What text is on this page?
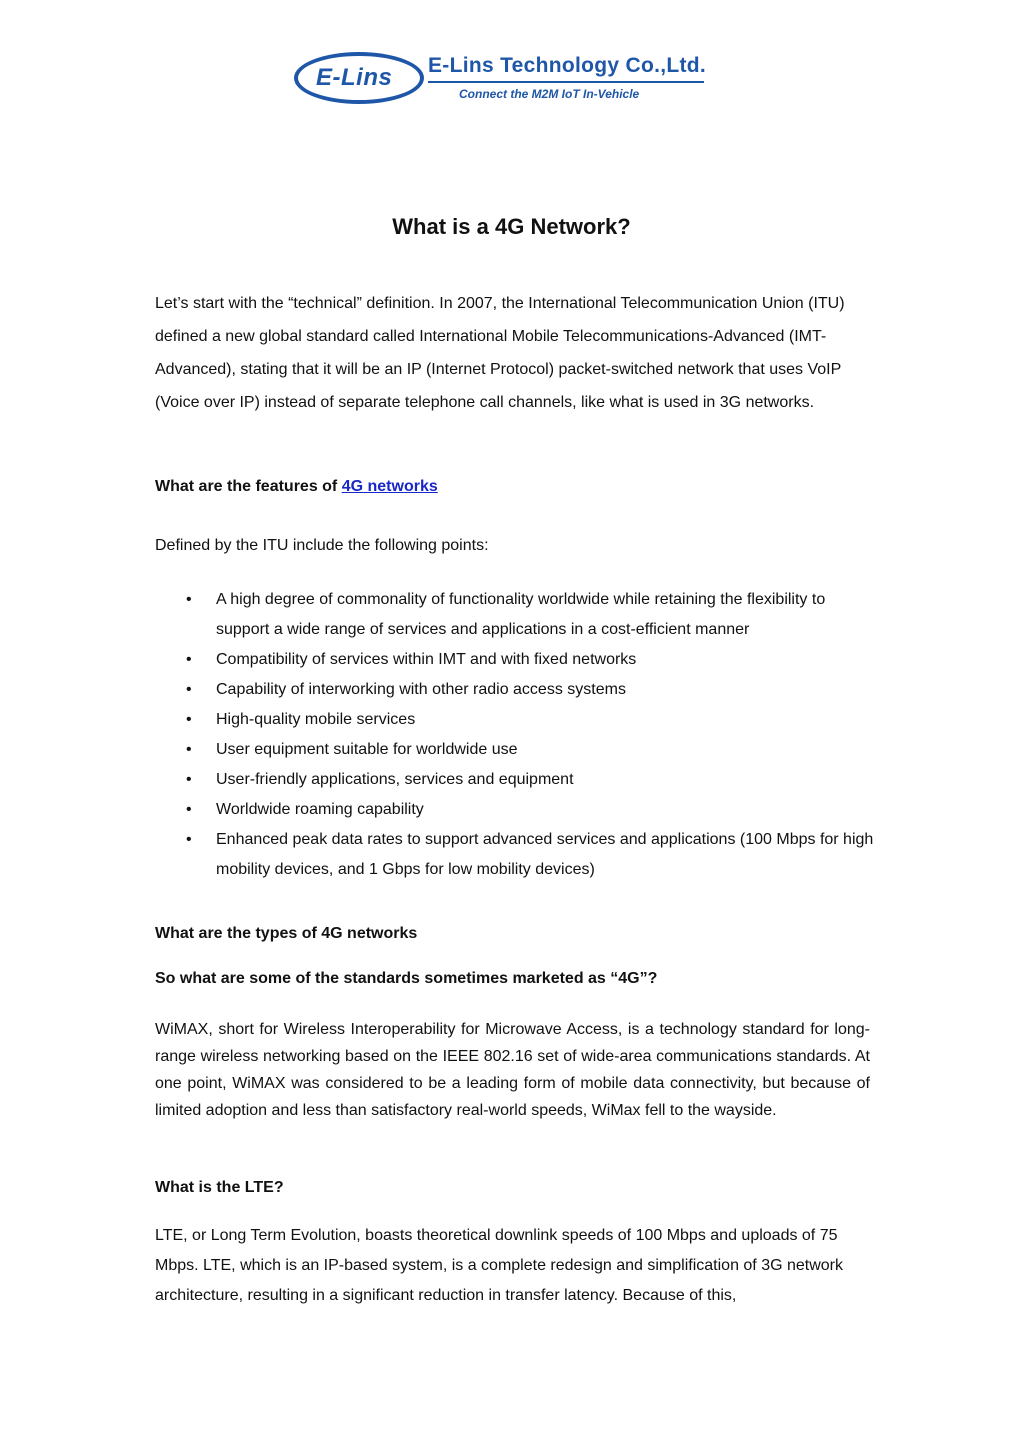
E-Lins E-Lins Technology Co.,Ltd.
Connect the M2M IoT In-Vehicle
What is a 4G Network?

Let’s start with the “technical” definition. In 2007, the International Telecommunication Union (ITU) defined a new global standard called International Mobile Telecommunications-Advanced (IMT-Advanced), stating that it will be an IP (Internet Protocol) packet-switched network that uses VoIP (Voice over IP) instead of separate telephone call channels, like what is used in 3G networks.

What are the features of 4G networks

Defined by the ITU include the following points:

• A high degree of commonality of functionality worldwide while retaining the flexibility to support a wide range of services and applications in a cost-efficient manner
• Compatibility of services within IMT and with fixed networks
• Capability of interworking with other radio access systems
• High-quality mobile services
• User equipment suitable for worldwide use
• User-friendly applications, services and equipment
• Worldwide roaming capability
• Enhanced peak data rates to support advanced services and applications (100 Mbps for high mobility devices, and 1 Gbps for low mobility devices)

What are the types of 4G networks

So what are some of the standards sometimes marketed as “4G”?

WiMAX, short for Wireless Interoperability for Microwave Access, is a technology standard for long-range wireless networking based on the IEEE 802.16 set of wide-area communications standards. At one point, WiMAX was considered to be a leading form of mobile data connectivity, but because of limited adoption and less than satisfactory real-world speeds, WiMax fell to the wayside.

What is the LTE?

LTE, or Long Term Evolution, boasts theoretical downlink speeds of 100 Mbps and uploads of 75 Mbps. LTE, which is an IP-based system, is a complete redesign and simplification of 3G network architecture, resulting in a significant reduction in transfer latency. Because of this,
